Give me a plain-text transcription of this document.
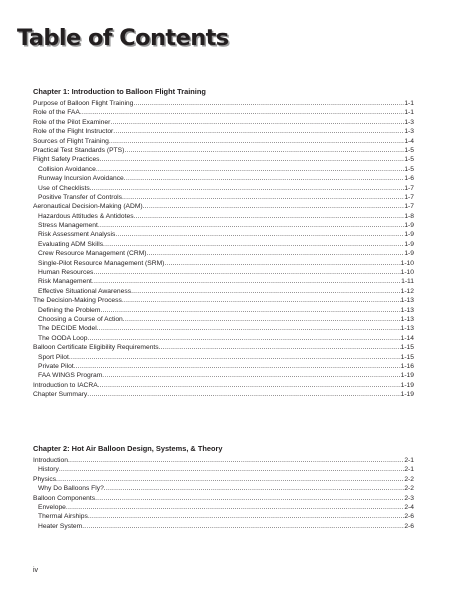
Table of Contents
Chapter 1: Introduction to Balloon Flight Training
Purpose of Balloon Flight Training .....	1-1
Role of the FAA .....	1-1
Role of the Pilot Examiner .....	1-3
Role of the Flight Instructor .....	1-3
Sources of Flight Training .....	1-4
Practical Test Standards (PTS) .....	1-5
Flight Safety Practices .....	1-5
Collision Avoidance .....	1-5
Runway Incursion Avoidance .....	1-6
Use of Checklists .....	1-7
Positive Transfer of Controls .....	1-7
Aeronautical Decision-Making (ADM) .....	1-7
Hazardous Attitudes & Antidotes .....	1-8
Stress Management .....	1-9
Risk Assessment Analysis .....	1-9
Evaluating ADM Skills .....	1-9
Crew Resource Management (CRM) .....	1-9
Single-Pilot Resource Management (SRM) .....	1-10
Human Resources .....	1-10
Risk Management .....	1-11
Effective Situational Awareness .....	1-12
The Decision-Making Process .....	1-13
Defining the Problem .....	1-13
Choosing a Course of Action .....	1-13
The DECIDE Model .....	1-13
The OODA Loop .....	1-14
Balloon Certificate Eligibility Requirements .....	1-15
Sport Pilot .....	1-15
Private Pilot .....	1-16
FAA WINGS Program .....	1-19
Introduction to IACRA .....	1-19
Chapter Summary .....	1-19
Chapter 2: Hot Air Balloon Design, Systems, & Theory
Introduction .....	2-1
History .....	2-1
Physics .....	2-2
Why Do Balloons Fly? .....	2-2
Balloon Components .....	2-3
Envelope .....	2-4
Thermal Airships .....	2-6
Heater System .....	2-6

iv
